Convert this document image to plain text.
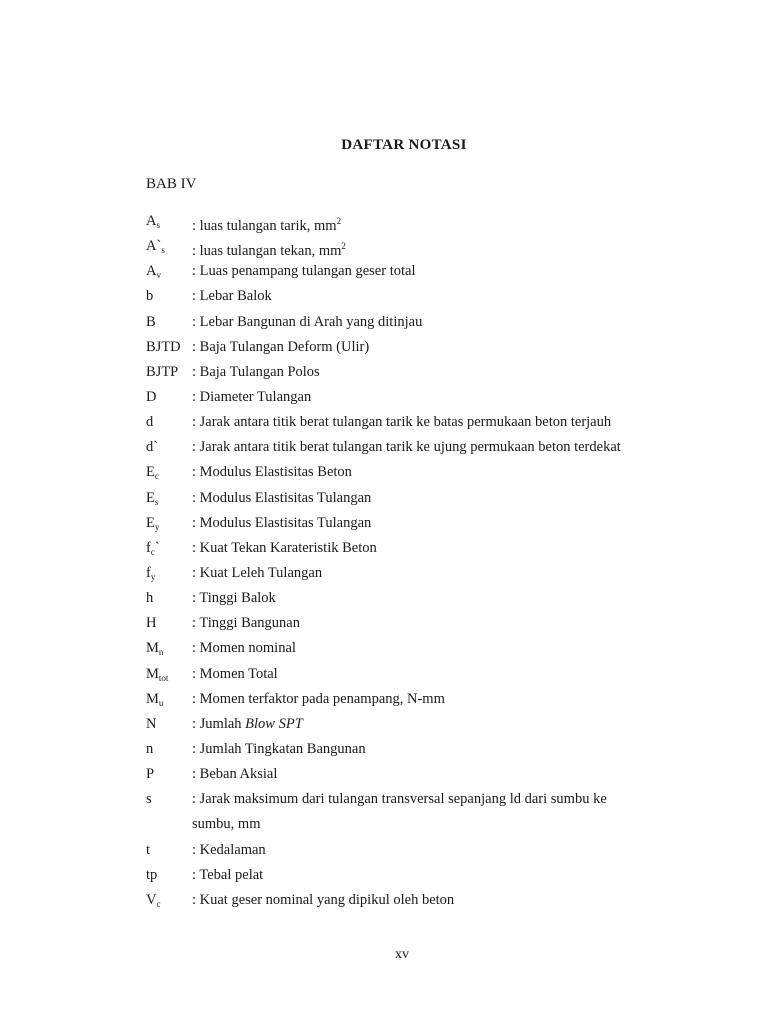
DAFTAR NOTASI
BAB IV
$A_s$ : luas tulangan tarik, $mm^2$
$A`_s$ : luas tulangan tekan, $mm^2$
$A_v$ : Luas penampang tulangan geser total
b	: Lebar Balok
B	: Lebar Bangunan di Arah yang ditinjau
BJTD : Baja Tulangan Deform (Ulir)
BJTP : Baja Tulangan Polos
D : Diameter Tulangan
d	: Jarak antara titik berat tulangan tarik ke batas permukaan beton terjauh
d` : Jarak antara titik berat tulangan tarik ke ujung permukaan beton terdekat
$E_c$ : Modulus Elastisitas Beton
$E_s$ : Modulus Elastisitas Tulangan
$E_y$ : Modulus Elastisitas Tulangan
$f_c`$ : Kuat Tekan Karateristik Beton
$f_y$	: Kuat Leleh Tulangan
h	: Tinggi Balok
H : Tinggi Bangunan
$M_n$ : Momen nominal
$M_{tot}$ : Momen Total
$M_u$ : Momen terfaktor pada penampang, N-mm
N : Jumlah Blow SPT
n	: Jumlah Tingkatan Bangunan
P	: Beban Aksial
s	: Jarak maksimum dari tulangan transversal sepanjang ld dari sumbu ke
sumbu, mm
t	: Kedalaman
tp : Tebal pelat
$V_c$ : Kuat geser nominal yang dipikul oleh beton
xv
